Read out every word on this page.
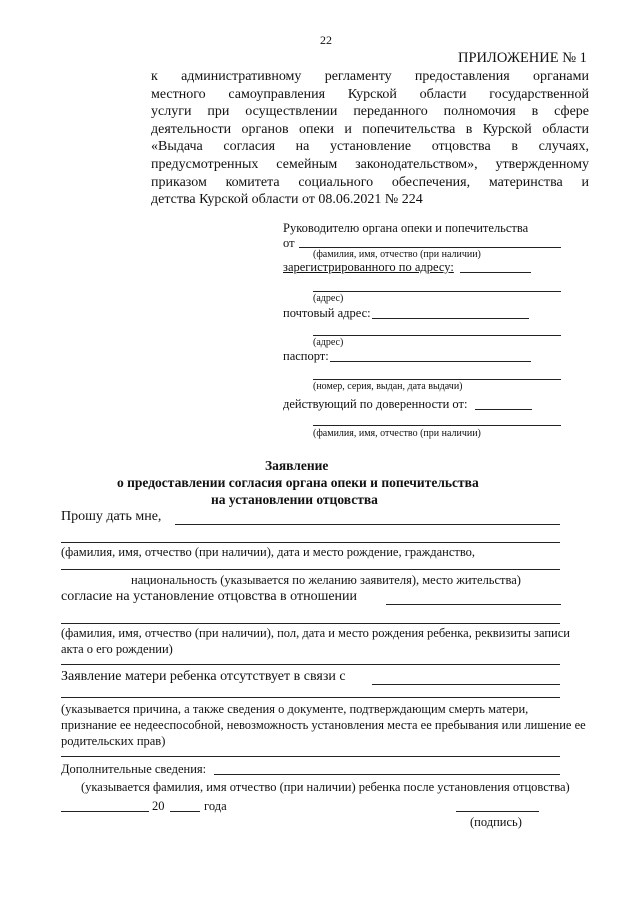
22
ПРИЛОЖЕНИЕ № 1
к административному регламенту предоставления органами
местного самоуправления Курской области государственной
услуги при осуществлении переданного полномочия в сфере
деятельности органов опеки и попечительства в Курской области
«Выдача согласия на установление отцовства в случаях,
предусмотренных семейным законодательством», утвержденному
приказом комитета социального обеспечения, материнства и
детства Курской области от 08.06.2021 № 224
Руководителю органа опеки и попечительства
от
(фамилия, имя, отчество (при наличии)
зарегистрированного по адресу:
(адрес)
почтовый адрес:
(адрес)
паспорт:
(номер, серия, выдан, дата выдачи)
действующий по доверенности от:
(фамилия, имя, отчество (при наличии)
Заявление
о предоставлении согласия органа опеки и попечительства
на установлении отцовства
Прошу дать мне,
(фамилия, имя, отчество (при наличии), дата и место рождение, гражданство,
национальность (указывается по желанию заявителя), место жительства)
согласие на установление отцовства в отношении
(фамилия, имя, отчество (при наличии), пол, дата и место рождения ребенка, реквизиты записи акта о его рождении)
Заявление матери ребенка отсутствует в связи с
(указывается причина, а также сведения о документе, подтверждающим смерть матери, признание ее недееспособной, невозможность установления места ее пребывания или лишение ее родительских прав)
Дополнительные сведения:
(указывается фамилия, имя отчество (при наличии) ребенка после установления отцовства)
20	года
(подпись)
